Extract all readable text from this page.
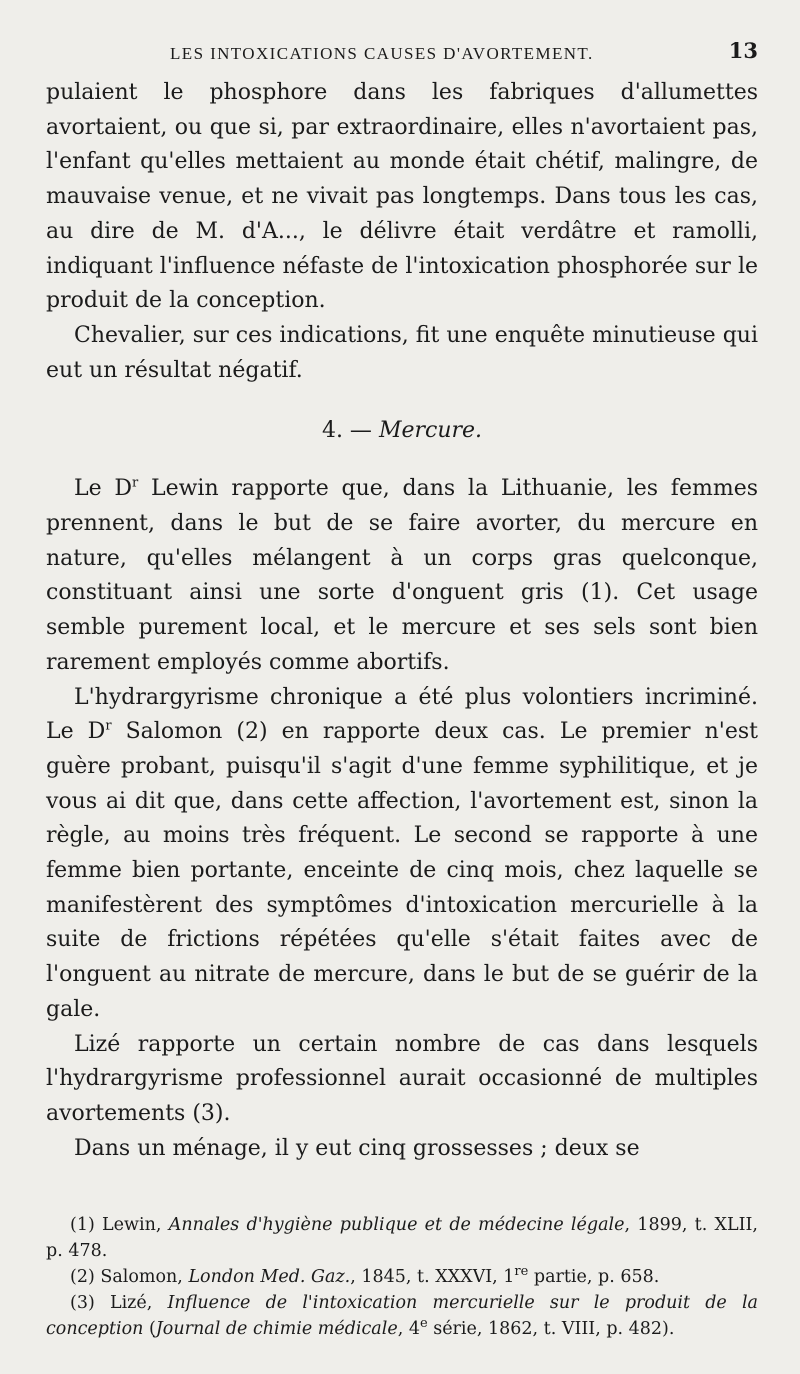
LES INTOXICATIONS CAUSES D'AVORTEMENT.	13

pulaient le phosphore dans les fabriques d'allumettes avortaient, ou que si, par extraordinaire, elles n'avortaient pas, l'enfant qu'elles mettaient au monde était chétif, malingre, de mauvaise venue, et ne vivait pas longtemps. Dans tous les cas, au dire de M. d'A..., le délivre était verdâtre et ramolli, indiquant l'influence néfaste de l'intoxication phosphorée sur le produit de la conception.

Chevalier, sur ces indications, fit une enquête minutieuse qui eut un résultat négatif.

4. — Mercure.

Le $D^r$ Lewin rapporte que, dans la Lithuanie, les femmes prennent, dans le but de se faire avorter, du mercure en nature, qu'elles mélangent à un corps gras quelconque, constituant ainsi une sorte d'onguent gris (1). Cet usage semble purement local, et le mercure et ses sels sont bien rarement employés comme abortifs.

L'hydrargyrisme chronique a été plus volontiers incriminé. Le $D^r$ Salomon (2) en rapporte deux cas. Le premier n'est guère probant, puisqu'il s'agit d'une femme syphilitique, et je vous ai dit que, dans cette affection, l'avortement est, sinon la règle, au moins très fréquent. Le second se rapporte à une femme bien portante, enceinte de cinq mois, chez laquelle se manifestèrent des symptômes d'intoxication mercurielle à la suite de frictions répétées qu'elle s'était faites avec de l'onguent au nitrate de mercure, dans le but de se guérir de la gale.

Lizé rapporte un certain nombre de cas dans lesquels l'hydrargyrisme professionnel aurait occasionné de multiples avortements (3).

Dans un ménage, il y eut cinq grossesses ; deux se

(1) Lewin, Annales d'hygiène publique et de médecine légale, 1899, t. XLII, p. 478.

(2) Salomon, London Med. Gaz., 1845, t. XXXVI, 1re partie, p. 658.

(3) Lizé, Influence de l'intoxication mercurielle sur le produit de la conception (Journal de chimie médicale, 4e série, 1862, t. VIII, p. 482).
